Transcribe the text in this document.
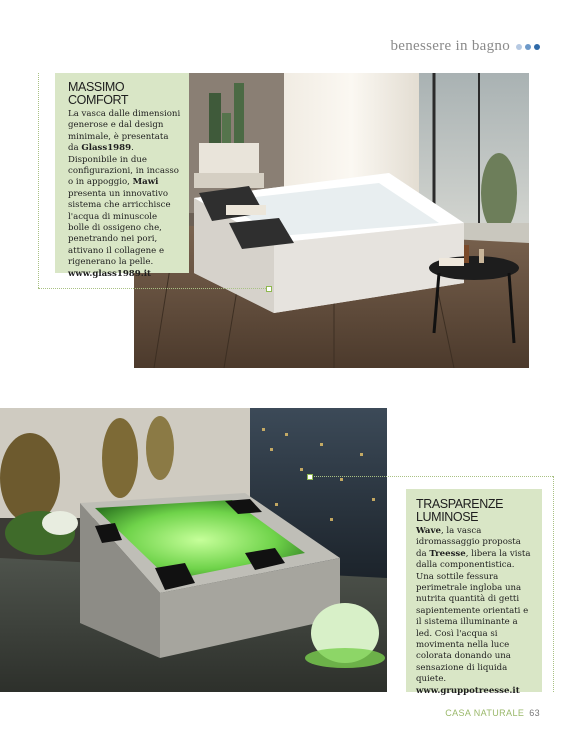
benessere in bagno
MASSIMO COMFORT
La vasca dalle dimensioni generose e dal design minimale, è presentata da Glass1989. Disponibile in due configurazioni, in incasso o in appoggio, Mawi presenta un innovativo sistema che arricchisce l'acqua di minuscole bolle di ossigeno che, penetrando nei pori, attivano il collagene e rigenerano la pelle.
www.glass1989.it
TRASPARENZE LUMINOSE
Wave, la vasca idromassaggio proposta da Treesse, libera la vista dalla componentistica. Una sottile fessura perimetrale ingloba una nutrita quantità di getti sapientemente orientati e il sistema illuminante a led. Così l'acqua si movimenta nella luce colorata donando una sensazione di liquida quiete.
www.gruppotreesse.it
CASA NATURALE 63
